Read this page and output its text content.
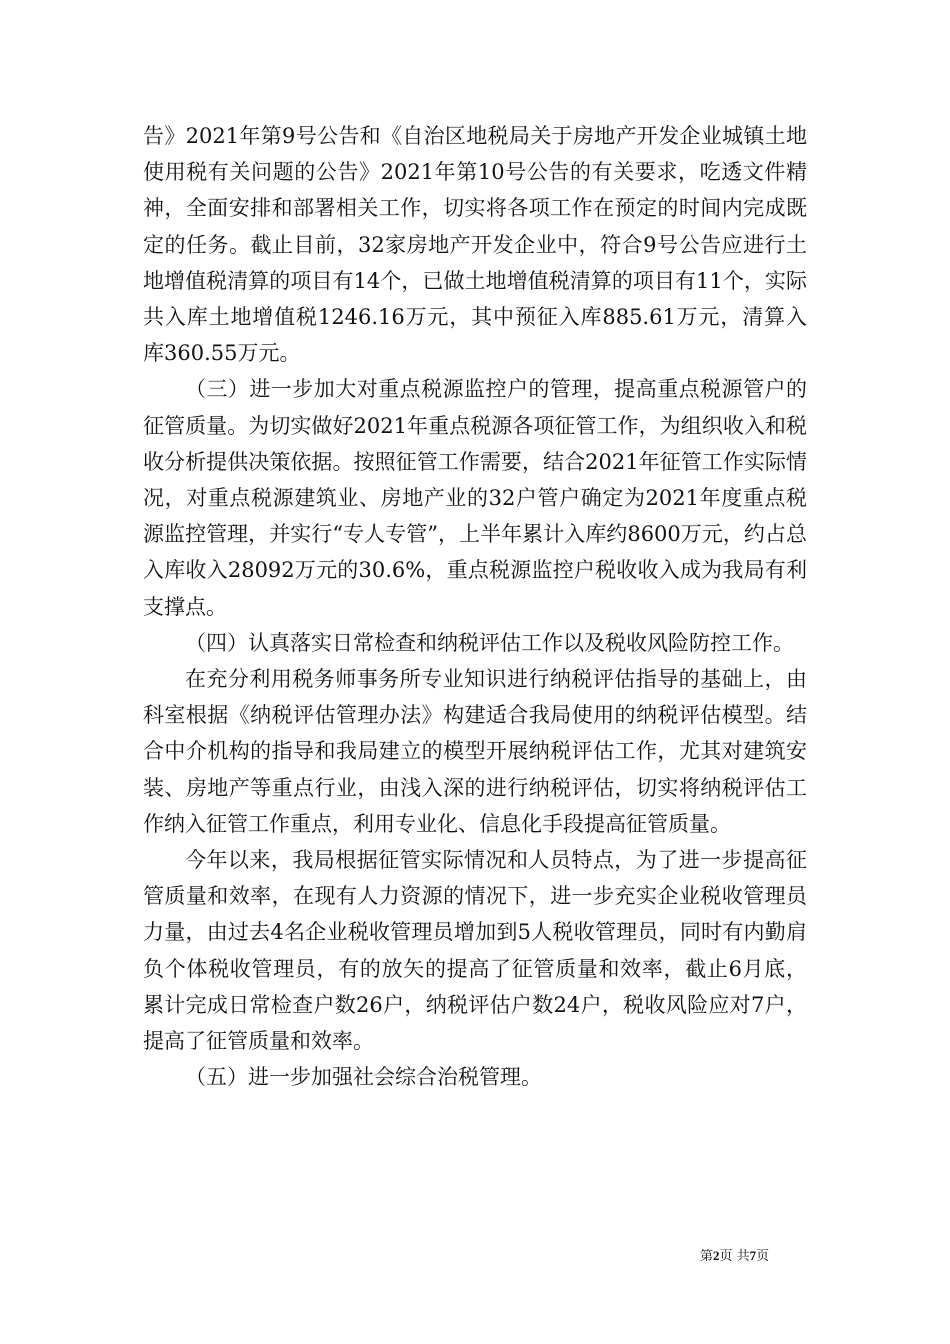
告》2021年第9号公告和《自治区地税局关于房地产开发企业城镇土地使用税有关问题的公告》2021年第10号公告的有关要求，吃透文件精神，全面安排和部署相关工作，切实将各项工作在预定的时间内完成既定的任务。截止目前，32家房地产开发企业中，符合9号公告应进行土地增值税清算的项目有14个，已做土地增值税清算的项目有11个，实际共入库土地增值税1246.16万元，其中预征入库885.61万元，清算入库360.55万元。

（三）进一步加大对重点税源监控户的管理，提高重点税源管户的征管质量。为切实做好2021年重点税源各项征管工作，为组织收入和税收分析提供决策依据。按照征管工作需要，结合2021年征管工作实际情况，对重点税源建筑业、房地产业的32户管户确定为2021年度重点税源监控管理，并实行“专人专管”，上半年累计入库约8600万元，约占总入库收入28092万元的30.6%，重点税源监控户税收收入成为我局有利支撑点。

（四）认真落实日常检查和纳税评估工作以及税收风险防控工作。

在充分利用税务师事务所专业知识进行纳税评估指导的基础上，由科室根据《纳税评估管理办法》构建适合我局使用的纳税评估模型。结合中介机构的指导和我局建立的模型开展纳税评估工作，尤其对建筑安装、房地产等重点行业，由浅入深的进行纳税评估，切实将纳税评估工作纳入征管工作重点，利用专业化、信息化手段提高征管质量。

今年以来，我局根据征管实际情况和人员特点，为了进一步提高征管质量和效率，在现有人力资源的情况下，进一步充实企业税收管理员力量，由过去4名企业税收管理员增加到5人税收管理员，同时有内勤肩负个体税收管理员，有的放矢的提高了征管质量和效率，截止6月底，累计完成日常检查户数26户，纳税评估户数24户，税收风险应对7户，提高了征管质量和效率。

（五）进一步加强社会综合治税管理。

第2页 共7页
